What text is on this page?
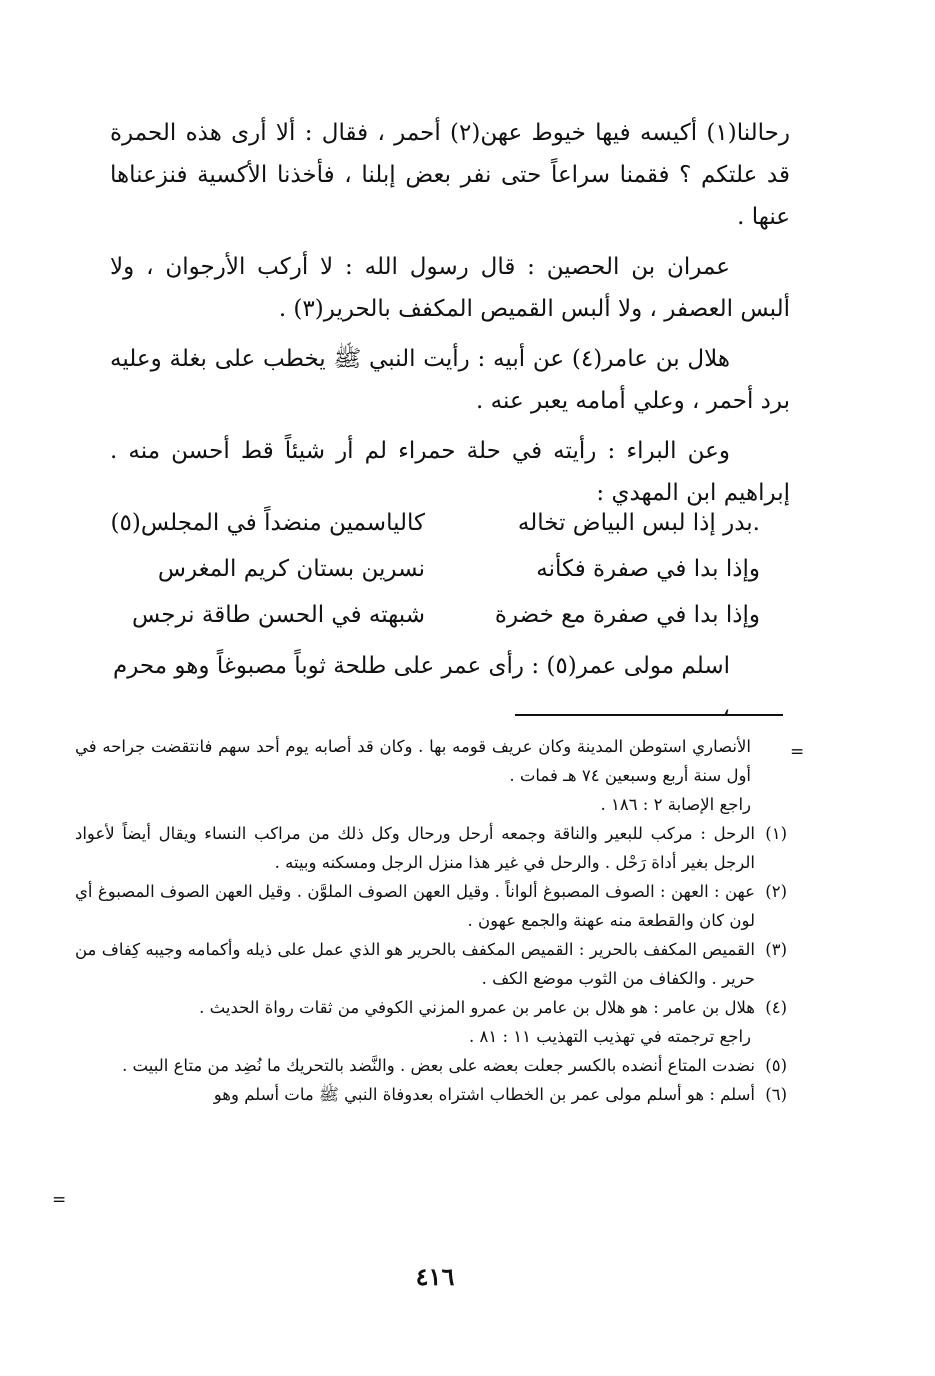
رحالنا(١) أكيسه فيها خيوط عهن(٢) أحمر ، فقال : ألا أرى هذه الحمرة قد علتكم ؟ فقمنا سراعاً حتى نفر بعض إبلنا ، فأخذنا الأكسية فنزعناها عنها .

عمران بن الحصين : قال رسول الله : لا أركب الأرجوان ، ولا ألبس العصفر ، ولا ألبس القميص المكفف بالحرير(٣) .

هلال بن عامر(٤) عن أبيه : رأيت النبي ﷺ يخطب على بغلة وعليه برد أحمر ، وعلي أمامه يعبر عنه .

وعن البراء : رأيته في حلة حمراء لم أر شيئاً قط أحسن منه . إبراهيم ابن المهدي :

.بدر إذا لبس البياض تخاله
كالياسمين منضداً في المجلس(٥)
وإذا بدا في صفرة فكأنه
نسرين بستان كريم المغرس
وإذا بدا في صفرة مع خضرة
شبهته في الحسن طاقة نرجس
اسلم مولى عمر(٥) : رأى عمر على طلحة ثوباً مصبوغاً وهو محرم ،
=

الأنصاري استوطن المدينة وكان عريف قومه بها . وكان قد أصابه يوم أحد سهم فانتقضت جراحه في أول سنة أربع وسبعين ٧٤ هـ فمات .

راجع الإصابة ٢ : ١٨٦ .

(١)
الرحل : مركب للبعير والناقة وجمعه أرحل ورحال وكل ذلك من مراكب النساء ويقال أيضاً لأعواد الرجل بغير أداة رَحْل . والرحل في غير هذا منزل الرجل ومسكنه وبيته .

(٢)
عهن : العهن : الصوف المصبوغ ألواناً . وقيل العهن الصوف الملوَّن . وقيل العهن الصوف المصبوغ أي لون كان والقطعة منه عهنة والجمع عهون .

(٣)
القميص المكفف بالحرير : القميص المكفف بالحرير هو الذي عمل على ذيله وأكمامه وجيبه كِفاف من حرير . والكفاف من الثوب موضع الكف .

(٤)
هلال بن عامر : هو هلال بن عامر بن عمرو المزني الكوفي من ثقات رواة الحديث .

راجع ترجمته في تهذيب التهذيب ١١ : ٨١ .

(٥)
نضدت المتاع أنضده بالكسر جعلت بعضه على بعض . والنَّضد بالتحريك ما نُضِد من متاع البيت .

(٦)
أسلم : هو أسلم مولى عمر بن الخطاب اشتراه بعدوفاة النبي ﷺ مات أسلم وهو

=
٤١٦
